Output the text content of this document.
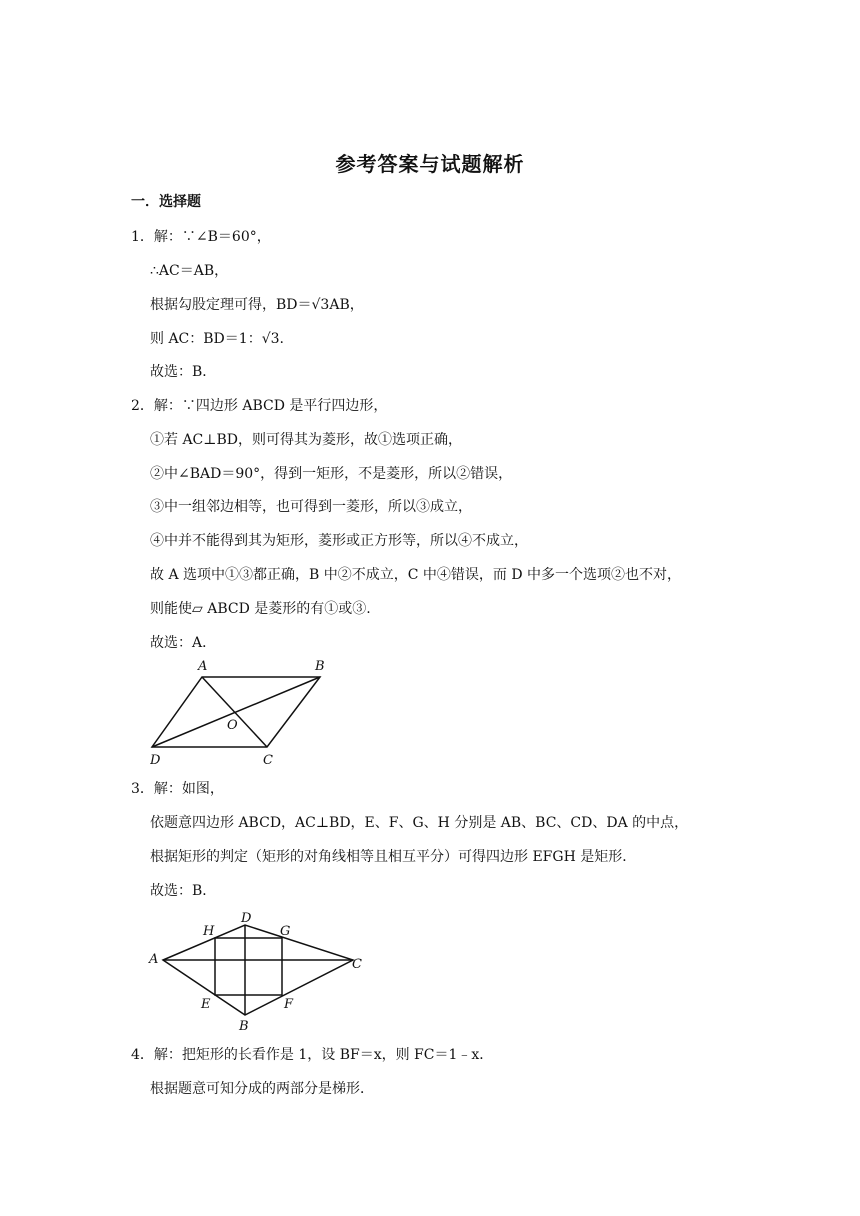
参考答案与试题解析
一．选择题
1．解：∵∠B＝60°，
∴AC＝AB，
根据勾股定理可得，BD＝√3AB，
则 AC：BD＝1：√3.
故选：B．
2．解：∵四边形 ABCD 是平行四边形，
①若 AC⊥BD，则可得其为菱形，故①选项正确，
②中∠BAD＝90°，得到一矩形，不是菱形，所以②错误，
③中一组邻边相等，也可得到一菱形，所以③成立，
④中并不能得到其为矩形，菱形或正方形等，所以④不成立，
故 A 选项中①③都正确，B 中②不成立，C 中④错误，而 D 中多一个选项②也不对，
则能使▱ ABCD 是菱形的有①或③.
故选：A．
A	B
O
D	C
3．解：如图，
依题意四边形 ABCD，AC⊥BD，E、F、G、H 分别是 AB、BC、CD、DA 的中点，
根据矩形的判定（矩形的对角线相等且相互平分）可得四边形 EFGH 是矩形．
故选：B．
D
H	G
A	C
E	F
B
4．解：把矩形的长看作是 1，设 BF＝x，则 FC＝1﹣x．
根据题意可知分成的两部分是梯形．
